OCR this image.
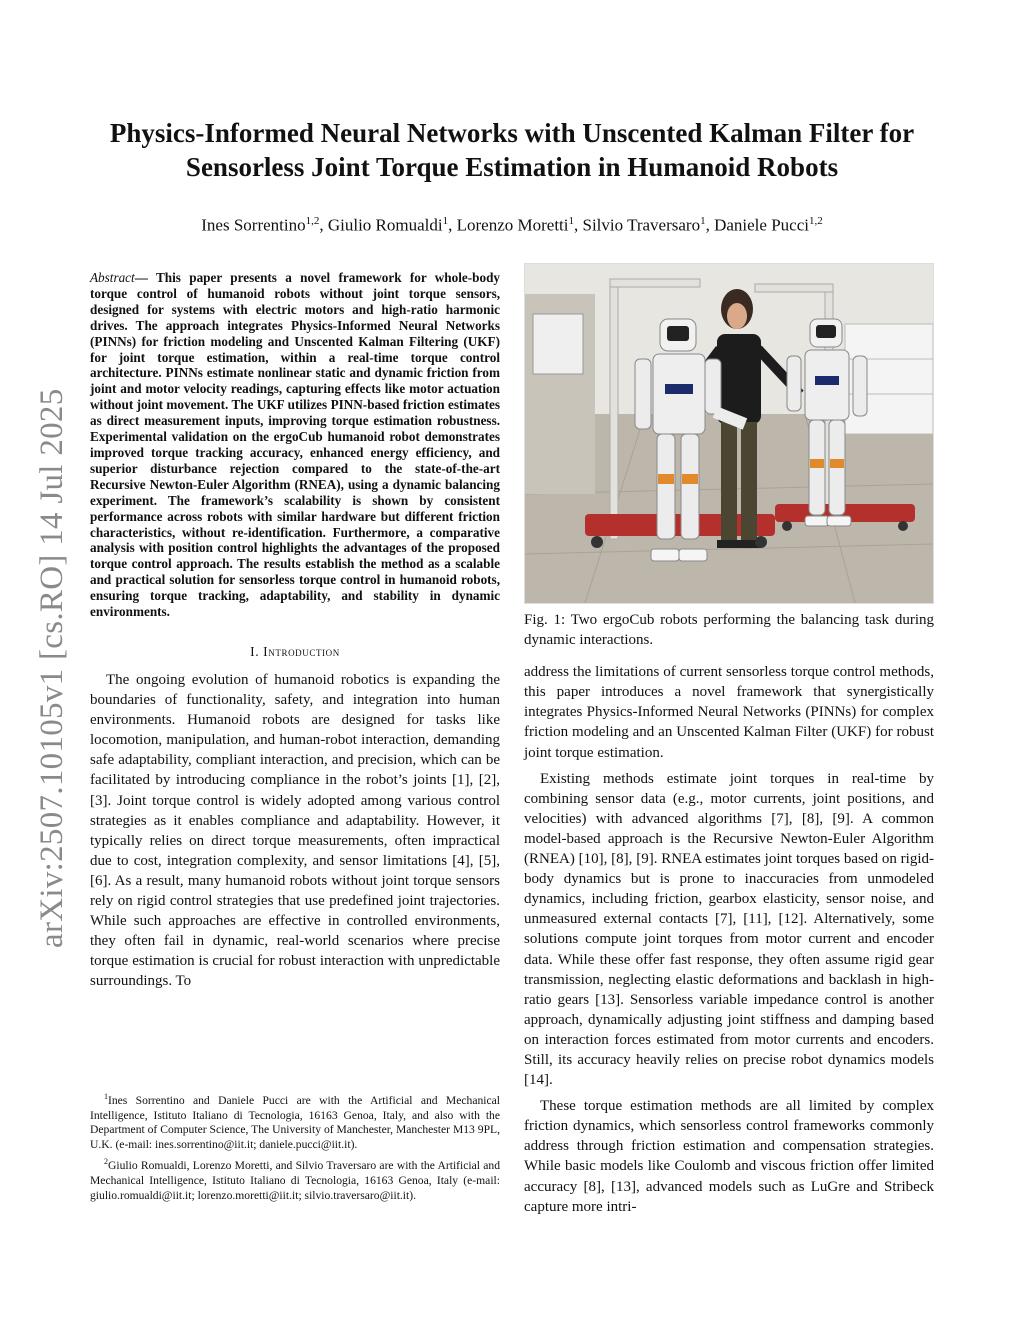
arXiv:2507.10105v1 [cs.RO] 14 Jul 2025
Physics-Informed Neural Networks with Unscented Kalman Filter for
Sensorless Joint Torque Estimation in Humanoid Robots
Ines Sorrentino$^{1,2}$, Giulio Romualdi$^1$, Lorenzo Moretti$^1$, Silvio Traversaro$^1$, Daniele Pucci$^{1,2}$

Abstract— This paper presents a novel framework for whole-body torque control of humanoid robots without joint torque sensors, designed for systems with electric motors and high-ratio harmonic drives. The approach integrates Physics-Informed Neural Networks (PINNs) for friction modeling and Unscented Kalman Filtering (UKF) for joint torque estimation, within a real-time torque control architecture. PINNs estimate nonlinear static and dynamic friction from joint and motor velocity readings, capturing effects like motor actuation without joint movement. The UKF utilizes PINN-based friction estimates as direct measurement inputs, improving torque estimation robustness. Experimental validation on the ergoCub humanoid robot demonstrates improved torque tracking accuracy, enhanced energy efficiency, and superior disturbance rejection compared to the state-of-the-art Recursive Newton-Euler Algorithm (RNEA), using a dynamic balancing experiment. The framework’s scalability is shown by consistent performance across robots with similar hardware but different friction characteristics, without re-identification. Furthermore, a comparative analysis with position control highlights the advantages of the proposed torque control approach. The results establish the method as a scalable and practical solution for sensorless torque control in humanoid robots, ensuring torque tracking, adaptability, and stability in dynamic environments.

I. Introduction

The ongoing evolution of humanoid robotics is expanding the boundaries of functionality, safety, and integration into human environments. Humanoid robots are designed for tasks like locomotion, manipulation, and human-robot interaction, demanding safe adaptability, compliant interaction, and precision, which can be facilitated by introducing compliance in the robot’s joints [1], [2], [3]. Joint torque control is widely adopted among various control strategies as it enables compliance and adaptability. However, it typically relies on direct torque measurements, often impractical due to cost, integration complexity, and sensor limitations [4], [5], [6]. As a result, many humanoid robots without joint torque sensors rely on rigid control strategies that use predefined joint trajectories. While such approaches are effective in controlled environments, they often fail in dynamic, real-world scenarios where precise torque estimation is crucial for robust interaction with unpredictable surroundings. To

$^1$Ines Sorrentino and Daniele Pucci are with the Artificial and Mechanical Intelligence, Istituto Italiano di Tecnologia, 16163 Genoa, Italy, and also with the Department of Computer Science, The University of Manchester, Manchester M13 9PL, U.K. (e-mail: ines.sorrentino@iit.it; daniele.pucci@iit.it).

$^2$Giulio Romualdi, Lorenzo Moretti, and Silvio Traversaro are with the Artificial and Mechanical Intelligence, Istituto Italiano di Tecnologia, 16163 Genoa, Italy (e-mail: giulio.romualdi@iit.it; lorenzo.moretti@iit.it; silvio.traversaro@iit.it).

Fig. 1: Two ergoCub robots performing the balancing task during dynamic interactions.

address the limitations of current sensorless torque control methods, this paper introduces a novel framework that synergistically integrates Physics-Informed Neural Networks (PINNs) for complex friction modeling and an Unscented Kalman Filter (UKF) for robust joint torque estimation.

Existing methods estimate joint torques in real-time by combining sensor data (e.g., motor currents, joint positions, and velocities) with advanced algorithms [7], [8], [9]. A common model-based approach is the Recursive Newton-Euler Algorithm (RNEA) [10], [8], [9]. RNEA estimates joint torques based on rigid-body dynamics but is prone to inaccuracies from unmodeled dynamics, including friction, gearbox elasticity, sensor noise, and unmeasured external contacts [7], [11], [12]. Alternatively, some solutions compute joint torques from motor current and encoder data. While these offer fast response, they often assume rigid gear transmission, neglecting elastic deformations and backlash in high-ratio gears [13]. Sensorless variable impedance control is another approach, dynamically adjusting joint stiffness and damping based on interaction forces estimated from motor currents and encoders. Still, its accuracy heavily relies on precise robot dynamics models [14].

These torque estimation methods are all limited by complex friction dynamics, which sensorless control frameworks commonly address through friction estimation and compensation strategies. While basic models like Coulomb and viscous friction offer limited accuracy [8], [13], advanced models such as LuGre and Stribeck capture more intri-
